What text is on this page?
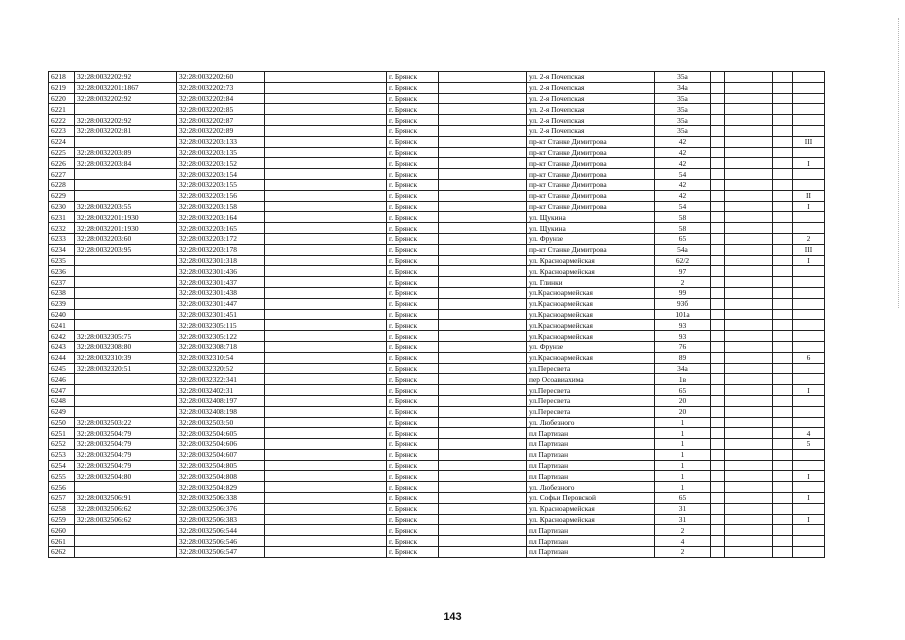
6218	32:28:0032202:92	32:28:0032202:60		г. Брянск		ул. 2-я Почепская	35а				
6219	32:28:0032201:1867	32:28:0032202:73		г. Брянск		ул. 2-я Почепская	34а				
6220	32:28:0032202:92	32:28:0032202:84		г. Брянск		ул. 2-я Почепская	35а				
6221		32:28:0032202:85		г. Брянск		ул. 2-я Почепская	35а				
6222	32:28:0032202:92	32:28:0032202:87		г. Брянск		ул. 2-я Почепская	35а				
6223	32:28:0032202:81	32:28:0032202:89		г. Брянск		ул. 2-я Почепская	35а				
6224		32:28:0032203:133		г. Брянск		пр-кт Станке Димитрова	42				III
6225	32:28:0032203:89	32:28:0032203:135		г. Брянск		пр-кт Станке Димитрова	42				
6226	32:28:0032203:84	32:28:0032203:152		г. Брянск		пр-кт Станке Димитрова	42				I
6227		32:28:0032203:154		г. Брянск		пр-кт Станке Димитрова	54				
6228		32:28:0032203:155		г. Брянск		пр-кт Станке Димитрова	42				
6229		32:28:0032203:156		г. Брянск		пр-кт Станке Димитрова	42				II
6230	32:28:0032203:55	32:28:0032203:158		г. Брянск		пр-кт Станке Димитрова	54				I
6231	32:28:0032201:1930	32:28:0032203:164		г. Брянск		ул. Щукина	58				
6232	32:28:0032201:1930	32:28:0032203:165		г. Брянск		ул. Щукина	58				
6233	32:28:0032203:60	32:28:0032203:172		г. Брянск		ул. Фрунзе	65				2
6234	32:28:0032203:95	32:28:0032203:178		г. Брянск		пр-кт Станке Димитрова	54а				III
6235		32:28:0032301:318		г. Брянск		ул. Красноармейская	62/2				I
6236		32:28:0032301:436		г. Брянск		ул. Красноармейская	97				
6237		32:28:0032301:437		г. Брянск		ул. Глинки	2				
6238		32:28:0032301:438		г. Брянск		ул.Красноармейская	99				
6239		32:28:0032301:447		г. Брянск		ул.Красноармейская	93б				
6240		32:28:0032301:451		г. Брянск		ул.Красноармейская	101а				
6241		32:28:0032305:115		г. Брянск		ул.Красноармейская	93				
6242	32:28:0032305:75	32:28:0032305:122		г. Брянск		ул.Красноармейская	93				
6243	32:28:0032308:80	32:28:0032308:718		г. Брянск		ул. Фрунзе	76				
6244	32:28:0032310:39	32:28:0032310:54		г. Брянск		ул.Красноармейская	89				6
6245	32:28:0032320:51	32:28:0032320:52		г. Брянск		ул.Пересвета	34а				
6246		32:28:0032322:341		г. Брянск		пер Осоавиахима	1в				
6247		32:28:0032402:31		г. Брянск		ул.Пересвета	65				I
6248		32:28:0032408:197		г. Брянск		ул.Пересвета	20				
6249		32:28:0032408:198		г. Брянск		ул.Пересвета	20				
6250	32:28:0032503:22	32:28:0032503:50		г. Брянск		ул. Любезного	1				
6251	32:28:0032504:79	32:28:0032504:605		г. Брянск		пл Партизан	1				4
6252	32:28:0032504:79	32:28:0032504:606		г. Брянск		пл Партизан	1				5
6253	32:28:0032504:79	32:28:0032504:607		г. Брянск		пл Партизан	1				
6254	32:28:0032504:79	32:28:0032504:805		г. Брянск		пл Партизан	1				
6255	32:28:0032504:80	32:28:0032504:808		г. Брянск		пл Партизан	1				I
6256		32:28:0032504:829		г. Брянск		ул. Любезного	1				
6257	32:28:0032506:91	32:28:0032506:338		г. Брянск		ул. Софьи Перовской	65				I
6258	32:28:0032506:62	32:28:0032506:376		г. Брянск		ул. Красноармейская	31				
6259	32:28:0032506:62	32:28:0032506:383		г. Брянск		ул. Красноармейская	31				I
6260		32:28:0032506:544		г. Брянск		пл Партизан	2				
6261		32:28:0032506:546		г. Брянск		пл Партизан	4				
6262		32:28:0032506:547		г. Брянск		пл Партизан	2				
143
